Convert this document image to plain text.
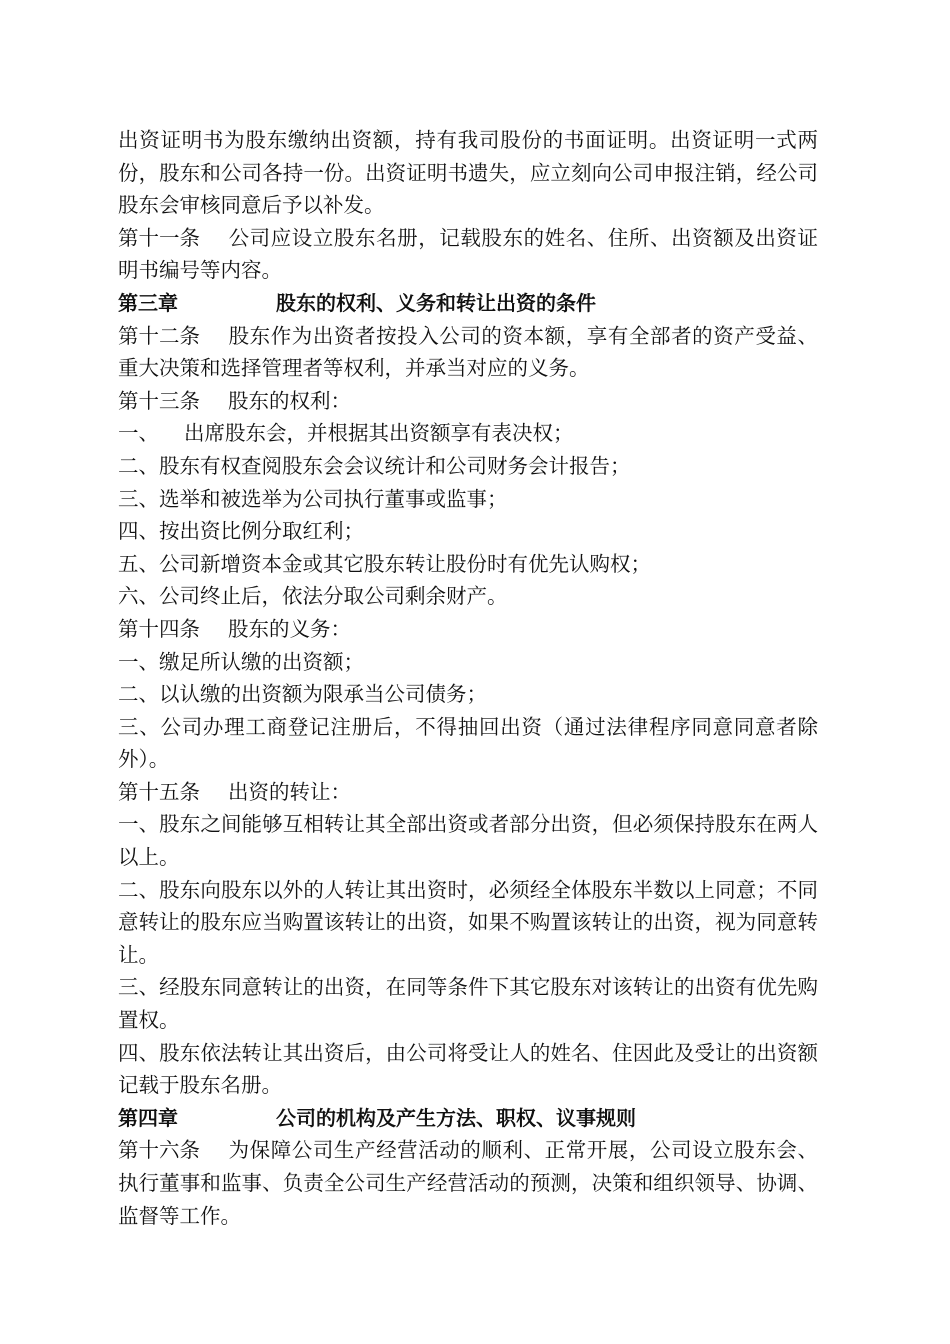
出资证明书为股东缴纳出资额，持有我司股份的书面证明。出资证明一式两份，股东和公司各持一份。出资证明书遗失，应立刻向公司申报注销，经公司股东会审核同意后予以补发。

第十一条 公司应设立股东名册，记载股东的姓名、住所、出资额及出资证明书编号等内容。

第三章	股东的权利、义务和转让出资的条件

第十二条 股东作为出资者按投入公司的资本额，享有全部者的资产受益、重大决策和选择管理者等权利，并承当对应的义务。

第十三条 股东的权利：

一、 出席股东会，并根据其出资额享有表决权；

二、股东有权查阅股东会会议统计和公司财务会计报告；

三、选举和被选举为公司执行董事或监事；

四、按出资比例分取红利；

五、公司新增资本金或其它股东转让股份时有优先认购权；

六、公司终止后，依法分取公司剩余财产。

第十四条 股东的义务：

一、缴足所认缴的出资额；

二、以认缴的出资额为限承当公司债务；

三、公司办理工商登记注册后，不得抽回出资（通过法律程序同意同意者除外）。

第十五条 出资的转让：

一、股东之间能够互相转让其全部出资或者部分出资，但必须保持股东在两人以上。

二、股东向股东以外的人转让其出资时，必须经全体股东半数以上同意；不同意转让的股东应当购置该转让的出资，如果不购置该转让的出资，视为同意转让。

三、经股东同意转让的出资，在同等条件下其它股东对该转让的出资有优先购置权。

四、股东依法转让其出资后，由公司将受让人的姓名、住因此及受让的出资额记载于股东名册。

第四章	公司的机构及产生方法、职权、议事规则

第十六条 为保障公司生产经营活动的顺利、正常开展，公司设立股东会、执行董事和监事、负责全公司生产经营活动的预测，决策和组织领导、协调、监督等工作。
